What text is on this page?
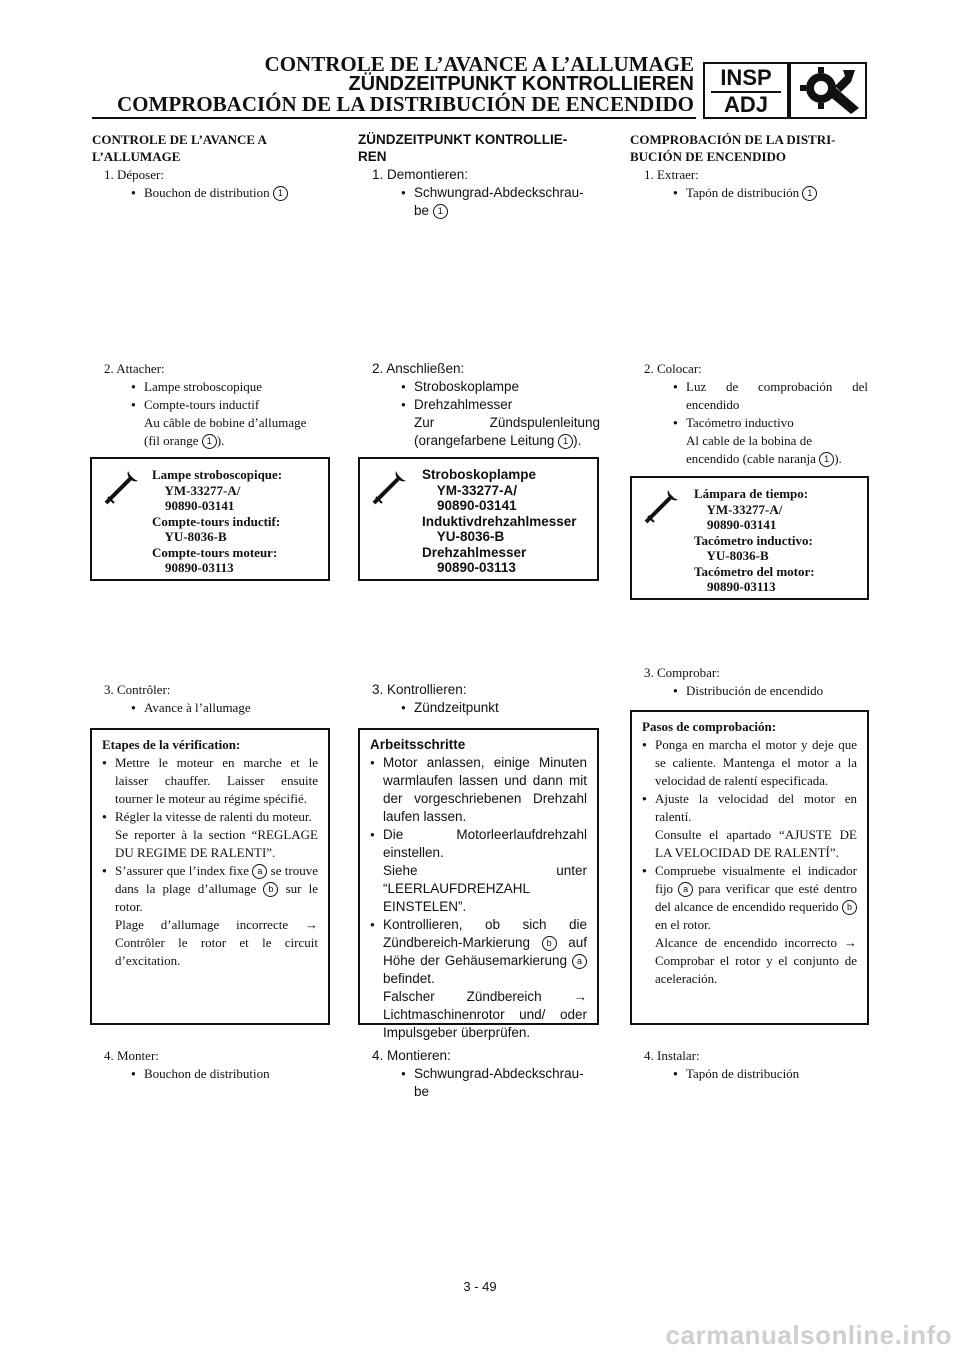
CONTROLE DE L’AVANCE A L’ALLUMAGE
ZÜNDZEITPUNKT KONTROLLIEREN
COMPROBACIÓN DE LA DISTRIBUCIÓN DE ENCENDIDO
INSP
ADJ
CONTROLE DE L’AVANCE A
L’ALLUMAGE
1. Déposer:
● Bouchon de distribution 1
2. Attacher:
● Lampe stroboscopique
● Compte-tours inductif
Au câble de bobine d’allumage
(fil orange 1 ).
Lampe stroboscopique:
YM-33277-A/
90890-03141
Compte-tours inductif:
YU-8036-B
Compte-tours moteur:
90890-03113
3. Contrôler:
● Avance à l’allumage
Etapes de la vérification:
● Mettre le moteur en marche et le laisser chauffer. Laisser ensuite tourner le moteur au régime spécifié.
● Régler la vitesse de ralenti du moteur.
Se reporter à la section “REGLAGE DU REGIME DE RALENTI”.
● S’assurer que l’index fixe a se trouve dans la plage d’allumage b sur le rotor.
Plage d’allumage incorrecte → Contrôler le rotor et le circuit d’excitation.
4. Monter:
● Bouchon de distribution
ZÜNDZEITPUNKT KONTROLLIE-
REN
1. Demontieren:
● Schwungrad-Abdeckschrau-
be 1
2. Anschließen:
● Stroboskoplampe
● Drehzahlmesser
Zur Zündspulenleitung
(orangefarbene Leitung 1 ).
Stroboskoplampe
YM-33277-A/
90890-03141
Induktivdrehzahlmesser
YU-8036-B
Drehzahlmesser
90890-03113
3. Kontrollieren:
● Zündzeitpunkt
Arbeitsschritte
● Motor anlassen, einige Minuten warmlaufen lassen und dann mit der vorgeschriebenen Drehzahl laufen lassen.
● Die Motorleerlaufdrehzahl einstellen.
Siehe unter “LEERLAUFDREHZAHL EINSTELEN”.
● Kontrollieren, ob sich die Zündbereich-Markierung b auf Höhe der Gehäusemarkierung a befindet.
Falscher Zündbereich → Lichtmaschinenrotor und/ oder Impulsgeber überprüfen.
4. Montieren:
● Schwungrad-Abdeckschrau-
be
COMPROBACIÓN DE LA DISTRI-
BUCIÓN DE ENCENDIDO
1. Extraer:
● Tapón de distribución 1
2. Colocar:
● Luz de comprobación del encendido
● Tacómetro inductivo
Al cable de la bobina de encendido (cable naranja 1 ).
Lámpara de tiempo:
YM-33277-A/
90890-03141
Tacómetro inductivo:
YU-8036-B
Tacómetro del motor:
90890-03113
3. Comprobar:
● Distribución de encendido
Pasos de comprobación:
● Ponga en marcha el motor y deje que se caliente. Mantenga el motor a la velocidad de ralentí especificada.
● Ajuste la velocidad del motor en ralentí.
Consulte el apartado “AJUSTE DE LA VELOCIDAD DE RALENTÍ”.
● Compruebe visualmente el indicador fijo a para verificar que esté dentro del alcance de encendido requerido b en el rotor.
Alcance de encendido incorrecto → Comprobar el rotor y el conjunto de aceleración.
4. Instalar:
● Tapón de distribución
3 - 49
carmanualsonline.info
